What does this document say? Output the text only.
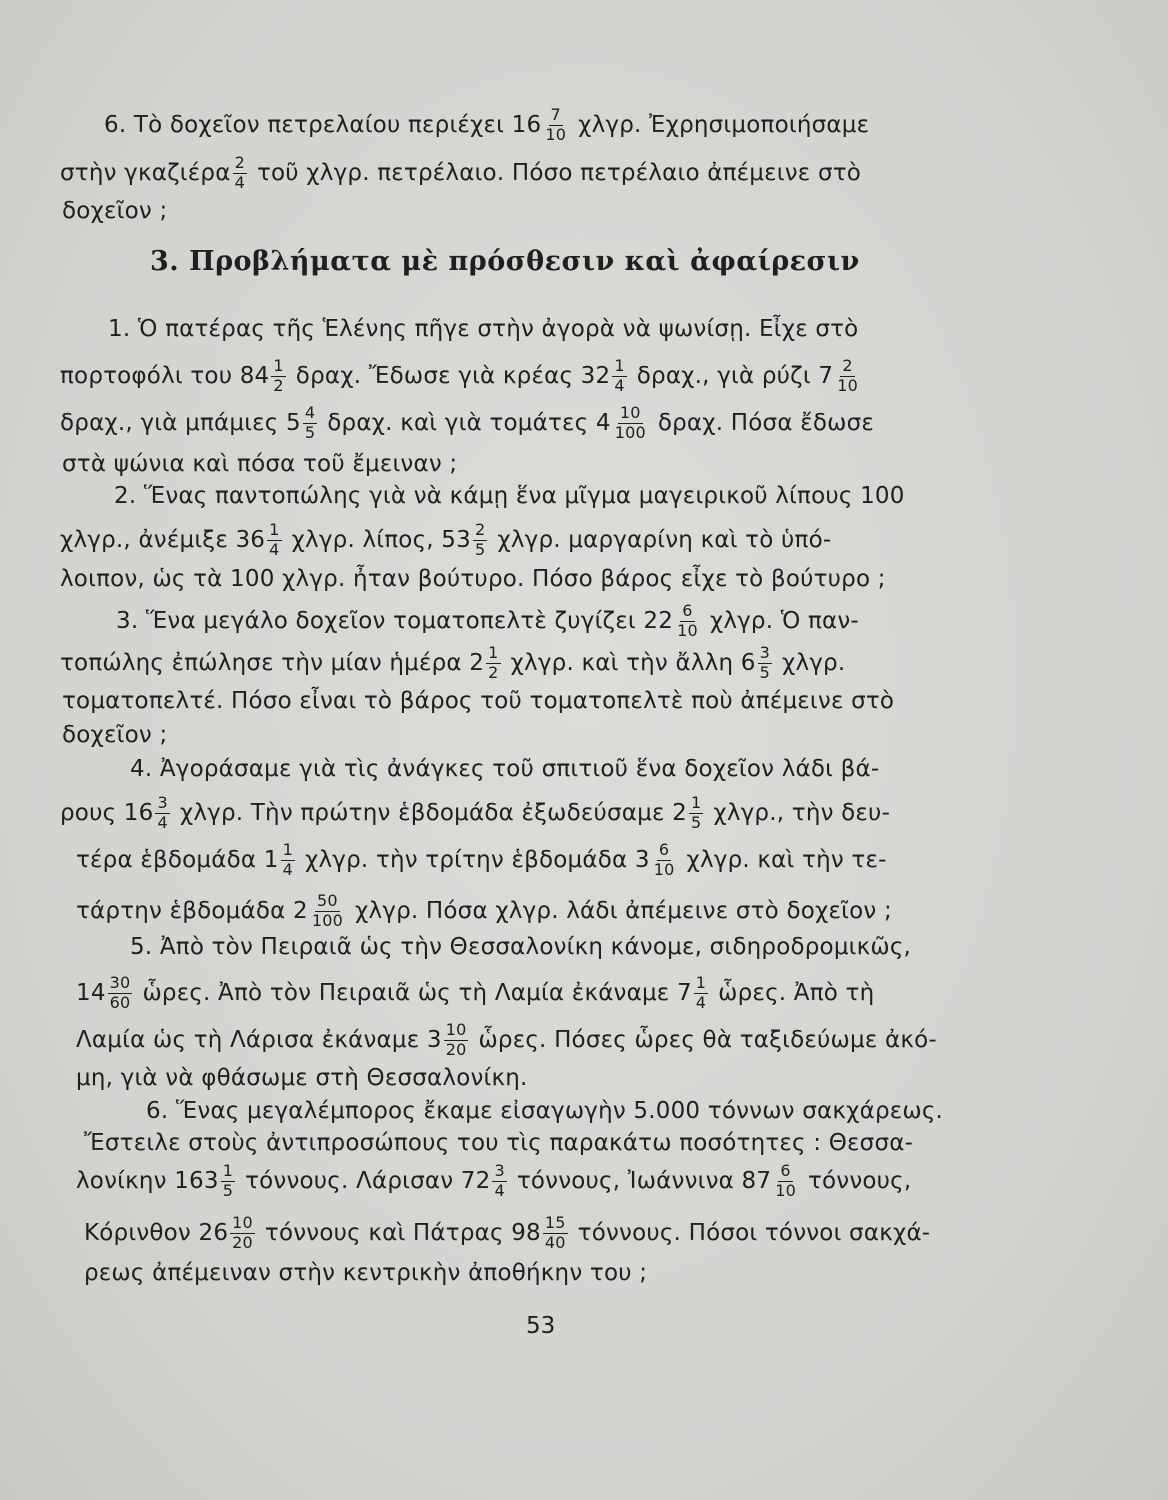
6. Τὸ δοχεῖον πετρελαίου περιέχει $16 \frac{7}{10} \chi\lambda\gamma\rho$. Ἐχρησιμοποιήσαμε
στὴν γκαζιέρα $\frac{2}{4}$ τοῦ χλγρ. πετρέλαιο. Πόσο πετρέλαιο ἀπέμεινε στὸ
δοχεῖον ;
3. Προβλήματα μὲ πρόσθεσιν καὶ ἀφαίρεσιν
1. Ὁ πατέρας τῆς Ἑλένης πῆγε στὴν ἀγορὰ νὰ ψωνίσῃ. Εἶχε στὸ
πορτοφόλι του $84 \frac{1}{2} \delta\rho\alpha\chi$. Ἔδωσε γιὰ κρέας $32 \frac{1}{4} \delta\rho\alpha\chi$., γιὰ ρύζι $7 \frac{2}{10}$
δραχ., γιὰ μπάμιες $5 \frac{4}{5} \delta\rho\alpha\chi$. καὶ γιὰ τομάτες $4 \frac{10}{100} \delta\rho\alpha\chi$. Πόσα ἔδωσε
στὰ ψώνια καὶ πόσα τοῦ ἔμειναν ;
2. Ἕνας παντοπώλης γιὰ νὰ κάμῃ ἕνα μῖγμα μαγειρικοῦ λίπους 100
χλγρ., ἀνέμιξε $36 \frac{1}{4} \chi\lambda\gamma\rho$. λίπος, $53 \frac{2}{5} \chi\lambda\gamma\rho$. μαργαρίνη καὶ τὸ ὑπό-
λοιπον, ὡς τὰ 100 χλγρ. ἦταν βούτυρο. Πόσο βάρος εἶχε τὸ βούτυρο ;
3. Ἕνα μεγάλο δοχεῖον τοματοπελτὲ ζυγίζει $22 \frac{6}{10} \chi\lambda\gamma\rho$. Ὁ παν-
τοπώλης ἐπώλησε τὴν μίαν ἡμέρα $2 \frac{1}{2} \chi\lambda\gamma\rho$. καὶ τὴν ἄλλη $6 \frac{3}{5} \chi\lambda\gamma\rho$.
τοματοπελτέ. Πόσο εἶναι τὸ βάρος τοῦ τοματοπελτὲ ποὺ ἀπέμεινε στὸ
δοχεῖον ;
4. Ἀγοράσαμε γιὰ τὶς ἀνάγκες τοῦ σπιτιοῦ ἕνα δοχεῖον λάδι βά-
ρους $16 \frac{3}{4} \chi\lambda\gamma\rho$. Τὴν πρώτην ἑβδομάδα ἐξωδεύσαμε $2 \frac{1}{5} \chi\lambda\gamma\rho$., τὴν δευ-
τέρα ἑβδομάδα $1 \frac{1}{4} \chi\lambda\gamma\rho$. τὴν τρίτην ἑβδομάδα $3 \frac{6}{10} \chi\lambda\gamma\rho$. καὶ τὴν τε-
τάρτην ἑβδομάδα $2 \frac{50}{100} \chi\lambda\gamma\rho$. Πόσα χλγρ. λάδι ἀπέμεινε στὸ δοχεῖον ;
5. Ἀπὸ τὸν Πειραιᾶ ὡς τὴν Θεσσαλονίκη κάνομε, σιδηροδρομικῶς,
$14 \frac{30}{60}$ ὧρες. Ἀπὸ τὸν Πειραιᾶ ὡς τὴ Λαμία ἐκάναμε $7 \frac{1}{4}$ ὧρες. Ἀπὸ τὴ
Λαμία ὡς τὴ Λάρισα ἐκάναμε $3 \frac{10}{20}$ ὧρες. Πόσες ὧρες θὰ ταξιδεύωμε ἀκό-
μη, γιὰ νὰ φθάσωμε στὴ Θεσσαλονίκη.
6. Ἕνας μεγαλέμπορος ἔκαμε εἰσαγωγὴν 5.000 τόννων σακχάρεως.
Ἔστειλε στοὺς ἀντιπροσώπους του τὶς παρακάτω ποσότητες : Θεσσα-
λονίκην $163 \frac{1}{5} \tau ό\nu\nu o\upsilon\varsigma$. Λάρισαν $72 \frac{3}{4} \tau ό\nu\nu o\upsilon\varsigma$, Ἰωάννινα $87 \frac{6}{10} \tau ό\nu\nu o\upsilon\varsigma$,
Κόρινθον $26 \frac{10}{20}$ τόννους καὶ Πάτρας $98 \frac{15}{40} \tau ό\nu\nu o\upsilon\varsigma$. Πόσοι τόννοι σακχά-
ρεως ἀπέμειναν στὴν κεντρικὴν ἀποθήκην του ;
53
